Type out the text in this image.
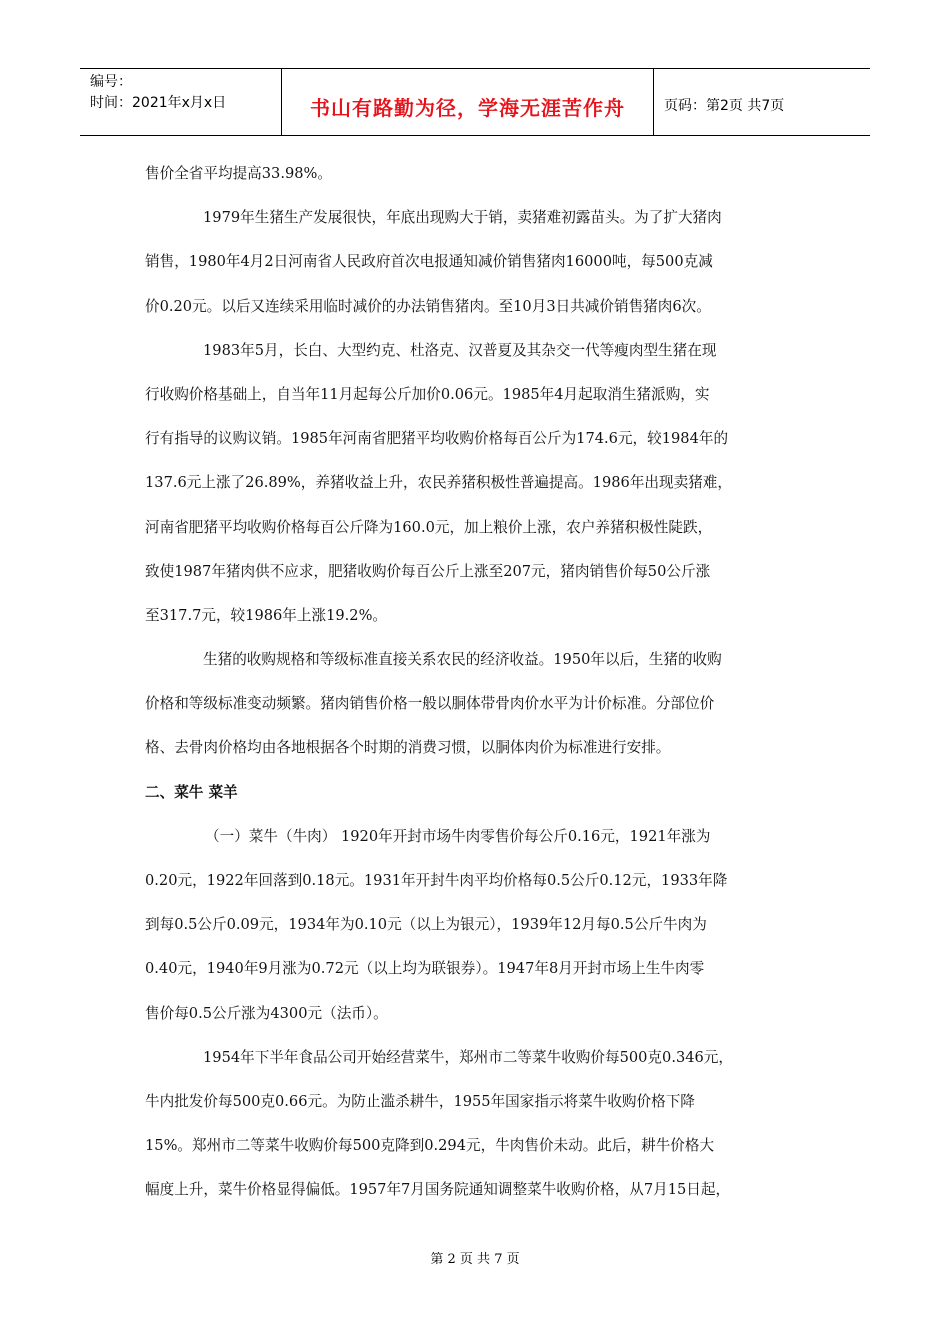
编号：
时间：2021年x月x日	书山有路勤为径，学海无涯苦作舟	页码：第2页 共7页
售价全省平均提高33.98%。
1979年生猪生产发展很快，年底出现购大于销，卖猪难初露苗头。为了扩大猪肉
销售，1980年4月2日河南省人民政府首次电报通知减价销售猪肉16000吨，每500克减
价0.20元。以后又连续采用临时减价的办法销售猪肉。至10月3日共减价销售猪肉6次。
1983年5月，长白、大型约克、杜洛克、汉普夏及其杂交一代等瘦肉型生猪在现
行收购价格基础上，自当年11月起每公斤加价0.06元。1985年4月起取消生猪派购，实
行有指导的议购议销。1985年河南省肥猪平均收购价格每百公斤为174.6元，较1984年的
137.6元上涨了26.89%，养猪收益上升，农民养猪积极性普遍提高。1986年出现卖猪难，
河南省肥猪平均收购价格每百公斤降为160.0元，加上粮价上涨，农户养猪积极性陡跌，
致使1987年猪肉供不应求，肥猪收购价每百公斤上涨至207元，猪肉销售价每50公斤涨
至317.7元，较1986年上涨19.2%。
生猪的收购规格和等级标准直接关系农民的经济收益。1950年以后，生猪的收购
价格和等级标准变动频繁。猪肉销售价格一般以胴体带骨肉价水平为计价标准。分部位价
格、去骨肉价格均由各地根据各个时期的消费习惯，以胴体肉价为标准进行安排。
二、菜牛 菜羊
（一）菜牛（牛肉） 1920年开封市场牛肉零售价每公斤0.16元，1921年涨为
0.20元，1922年回落到0.18元。1931年开封牛肉平均价格每0.5公斤0.12元，1933年降
到每0.5公斤0.09元，1934年为0.10元（以上为银元），1939年12月每0.5公斤牛肉为
0.40元，1940年9月涨为0.72元（以上均为联银券）。1947年8月开封市场上生牛肉零
售价每0.5公斤涨为4300元（法币）。
1954年下半年食品公司开始经营菜牛，郑州市二等菜牛收购价每500克0.346元，
牛内批发价每500克0.66元。为防止滥杀耕牛，1955年国家指示将菜牛收购价格下降
15%。郑州市二等菜牛收购价每500克降到0.294元，牛肉售价未动。此后，耕牛价格大
幅度上升，菜牛价格显得偏低。1957年7月国务院通知调整菜牛收购价格，从7月15日起，
第 2 页 共 7 页
